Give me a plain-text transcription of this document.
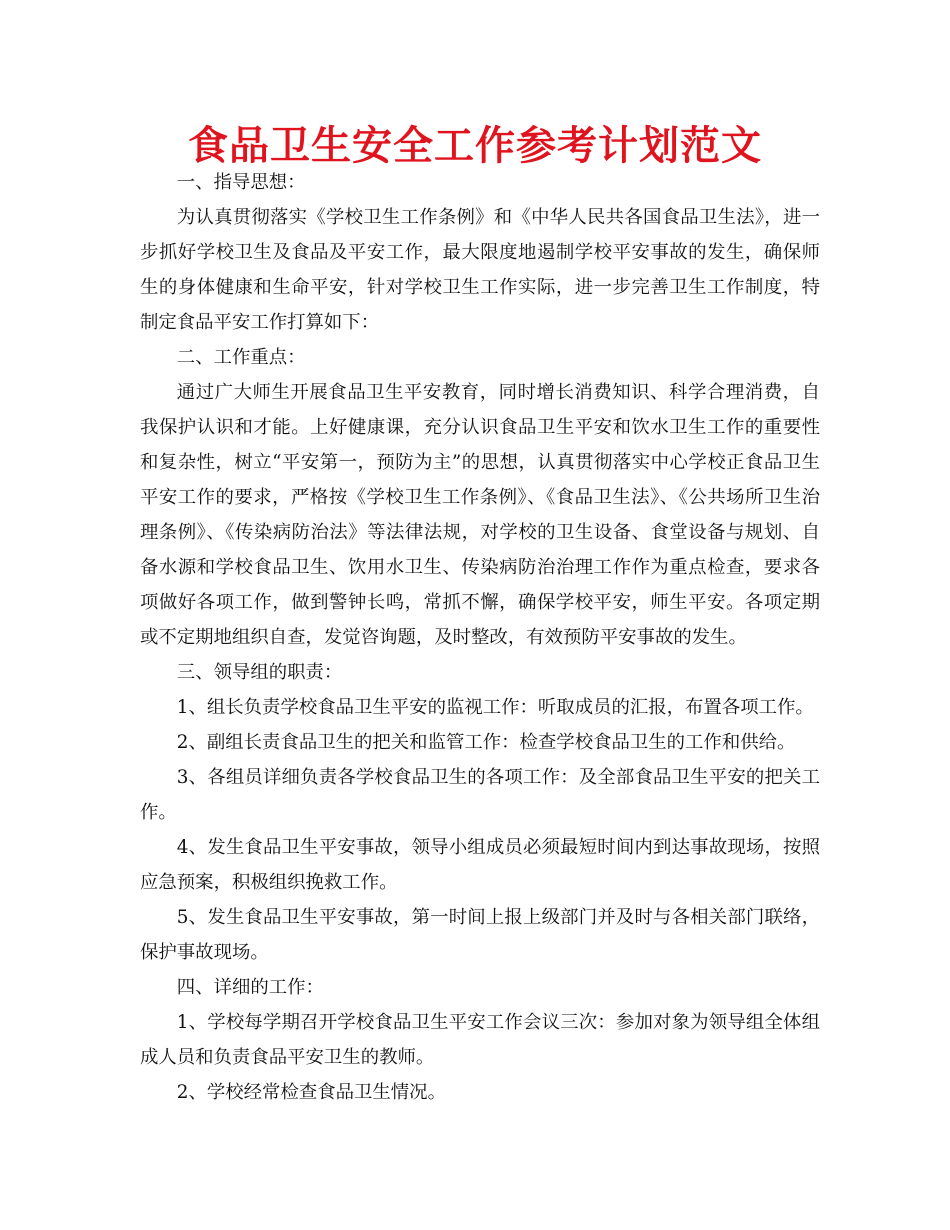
食品卫生安全工作参考计划范文

一、指导思想：

为认真贯彻落实《学校卫生工作条例》和《中华人民共各国食品卫生法》，进一步抓好学校卫生及食品及平安工作，最大限度地遏制学校平安事故的发生，确保师生的身体健康和生命平安，针对学校卫生工作实际，进一步完善卫生工作制度，特制定食品平安工作打算如下：

二、工作重点：

通过广大师生开展食品卫生平安教育，同时增长消费知识、科学合理消费，自我保护认识和才能。上好健康课，充分认识食品卫生平安和饮水卫生工作的重要性和复杂性，树立“平安第一，预防为主”的思想，认真贯彻落实中心学校正食品卫生平安工作的要求，严格按《学校卫生工作条例》、《食品卫生法》、《公共场所卫生治理条例》、《传染病防治法》等法律法规，对学校的卫生设备、食堂设备与规划、自备水源和学校食品卫生、饮用水卫生、传染病防治治理工作作为重点检查，要求各项做好各项工作，做到警钟长鸣，常抓不懈，确保学校平安，师生平安。各项定期或不定期地组织自查，发觉咨询题，及时整改，有效预防平安事故的发生。

三、领导组的职责：

1、组长负责学校食品卫生平安的监视工作：听取成员的汇报，布置各项工作。

2、副组长责食品卫生的把关和监管工作：检查学校食品卫生的工作和供给。

3、各组员详细负责各学校食品卫生的各项工作：及全部食品卫生平安的把关工作。

4、发生食品卫生平安事故，领导小组成员必须最短时间内到达事故现场，按照应急预案，积极组织挽救工作。

5、发生食品卫生平安事故，第一时间上报上级部门并及时与各相关部门联络，保护事故现场。

四、详细的工作：

1、学校每学期召开学校食品卫生平安工作会议三次：参加对象为领导组全体组成人员和负责食品平安卫生的教师。

2、学校经常检查食品卫生情况。
